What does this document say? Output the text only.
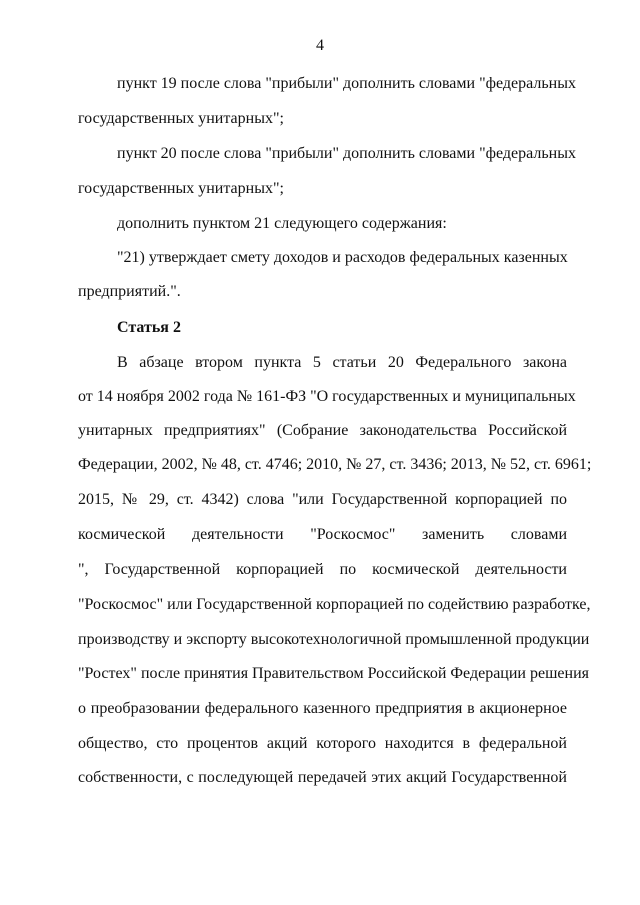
4
пункт 19 после слова "прибыли" дополнить словами "федеральных
государственных унитарных";
пункт 20 после слова "прибыли" дополнить словами "федеральных
государственных унитарных";
дополнить пунктом 21 следующего содержания:
"21) утверждает смету доходов и расходов федеральных казенных
предприятий.".
Статья 2
В абзаце втором пункта 5 статьи 20 Федерального закона
от 14 ноября 2002 года № 161-ФЗ "О государственных и муниципальных
унитарных предприятиях" (Собрание законодательства Российской
Федерации, 2002, № 48, ст. 4746; 2010, № 27, ст. 3436; 2013, № 52, ст. 6961;
2015, № 29, ст. 4342) слова "или Государственной корпорацией по
космической деятельности "Роскосмос" заменить словами
", Государственной корпорацией по космической деятельности
"Роскосмос" или Государственной корпорацией по содействию разработке,
производству и экспорту высокотехнологичной промышленной продукции
"Ростех" после принятия Правительством Российской Федерации решения
о преобразовании федерального казенного предприятия в акционерное
общество, сто процентов акций которого находится в федеральной
собственности, с последующей передачей этих акций Государственной
